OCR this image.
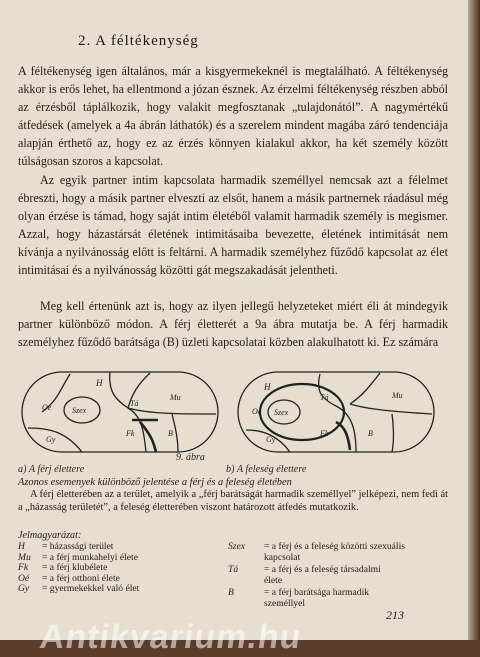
2. A féltékenység

A féltékenység igen általános, már a kisgyermekeknél is megtalálható. A féltékenység akkor is erős lehet, ha ellentmond a józan észnek. Az érzelmi féltékenység részben abból az érzésből táplálkozik, hogy valakit megfosztanak „tulajdonától”. A nagymértékű átfedések (amelyek a 4a ábrán láthatók) és a szerelem mindent magába záró tendenciája alapján érthető az, hogy ez az érzés könnyen kialakul akkor, ha két személy között túlságosan szoros a kapcsolat.

Az egyik partner intim kapcsolata harmadik személlyel nemcsak azt a félelmet ébreszti, hogy a másik partner elveszti az elsőt, hanem a másik partnernek ráadásul még olyan érzése is támad, hogy saját intim életéből valamit harmadik személy is megismer. Azzal, hogy házastársát életének intimitásaiba bevezette, életének intimitását nem kívánja a nyilvánosság előtt is feltárni. A harmadik személyhez fűződő kapcsolat az élet intimitásai és a nyilvánosság közötti gát megszakadását jelentheti.

Meg kell értenünk azt is, hogy az ilyen jellegű helyzeteket miért éli át mindegyik partner különböző módon. A férj életterét a 9a ábra mutatja be. A férj harmadik személyhez fűződő barátsága (B) üzleti kapcsolatai közben alakulhatott ki. Ez számára

H
Tá
Oé	Szex
Mu
Gy
Fk	B
H
Tá
Oé Szex
Mu
Gy
Fk	B
9. ábra
a) A férj élettere	b) A feleség élettere

Azonos esemenyek különböző jelentése a férj és a feleség életében

A férj életterében az a terület, amelyik a „férj barátságát harmadik személlyel” jelképezi, nem fedi át a „házasság területét”, a feleség életterében viszont határozott átfedés mutatkozik.

Jelmagyarázat:
H = házassági terület
Mu = a férj munkahelyi élete
Fk = a férj klubélete
Oé = a férj otthoni élete
Gy = gyermekekkel való élet
Szex = a férj és a feleség közötti szexuális kapcsolat
Tá	= a férj és a feleség társadalmi élete
B	= a férj barátsága harmadik személlyel
213
Antikvarium.hu
